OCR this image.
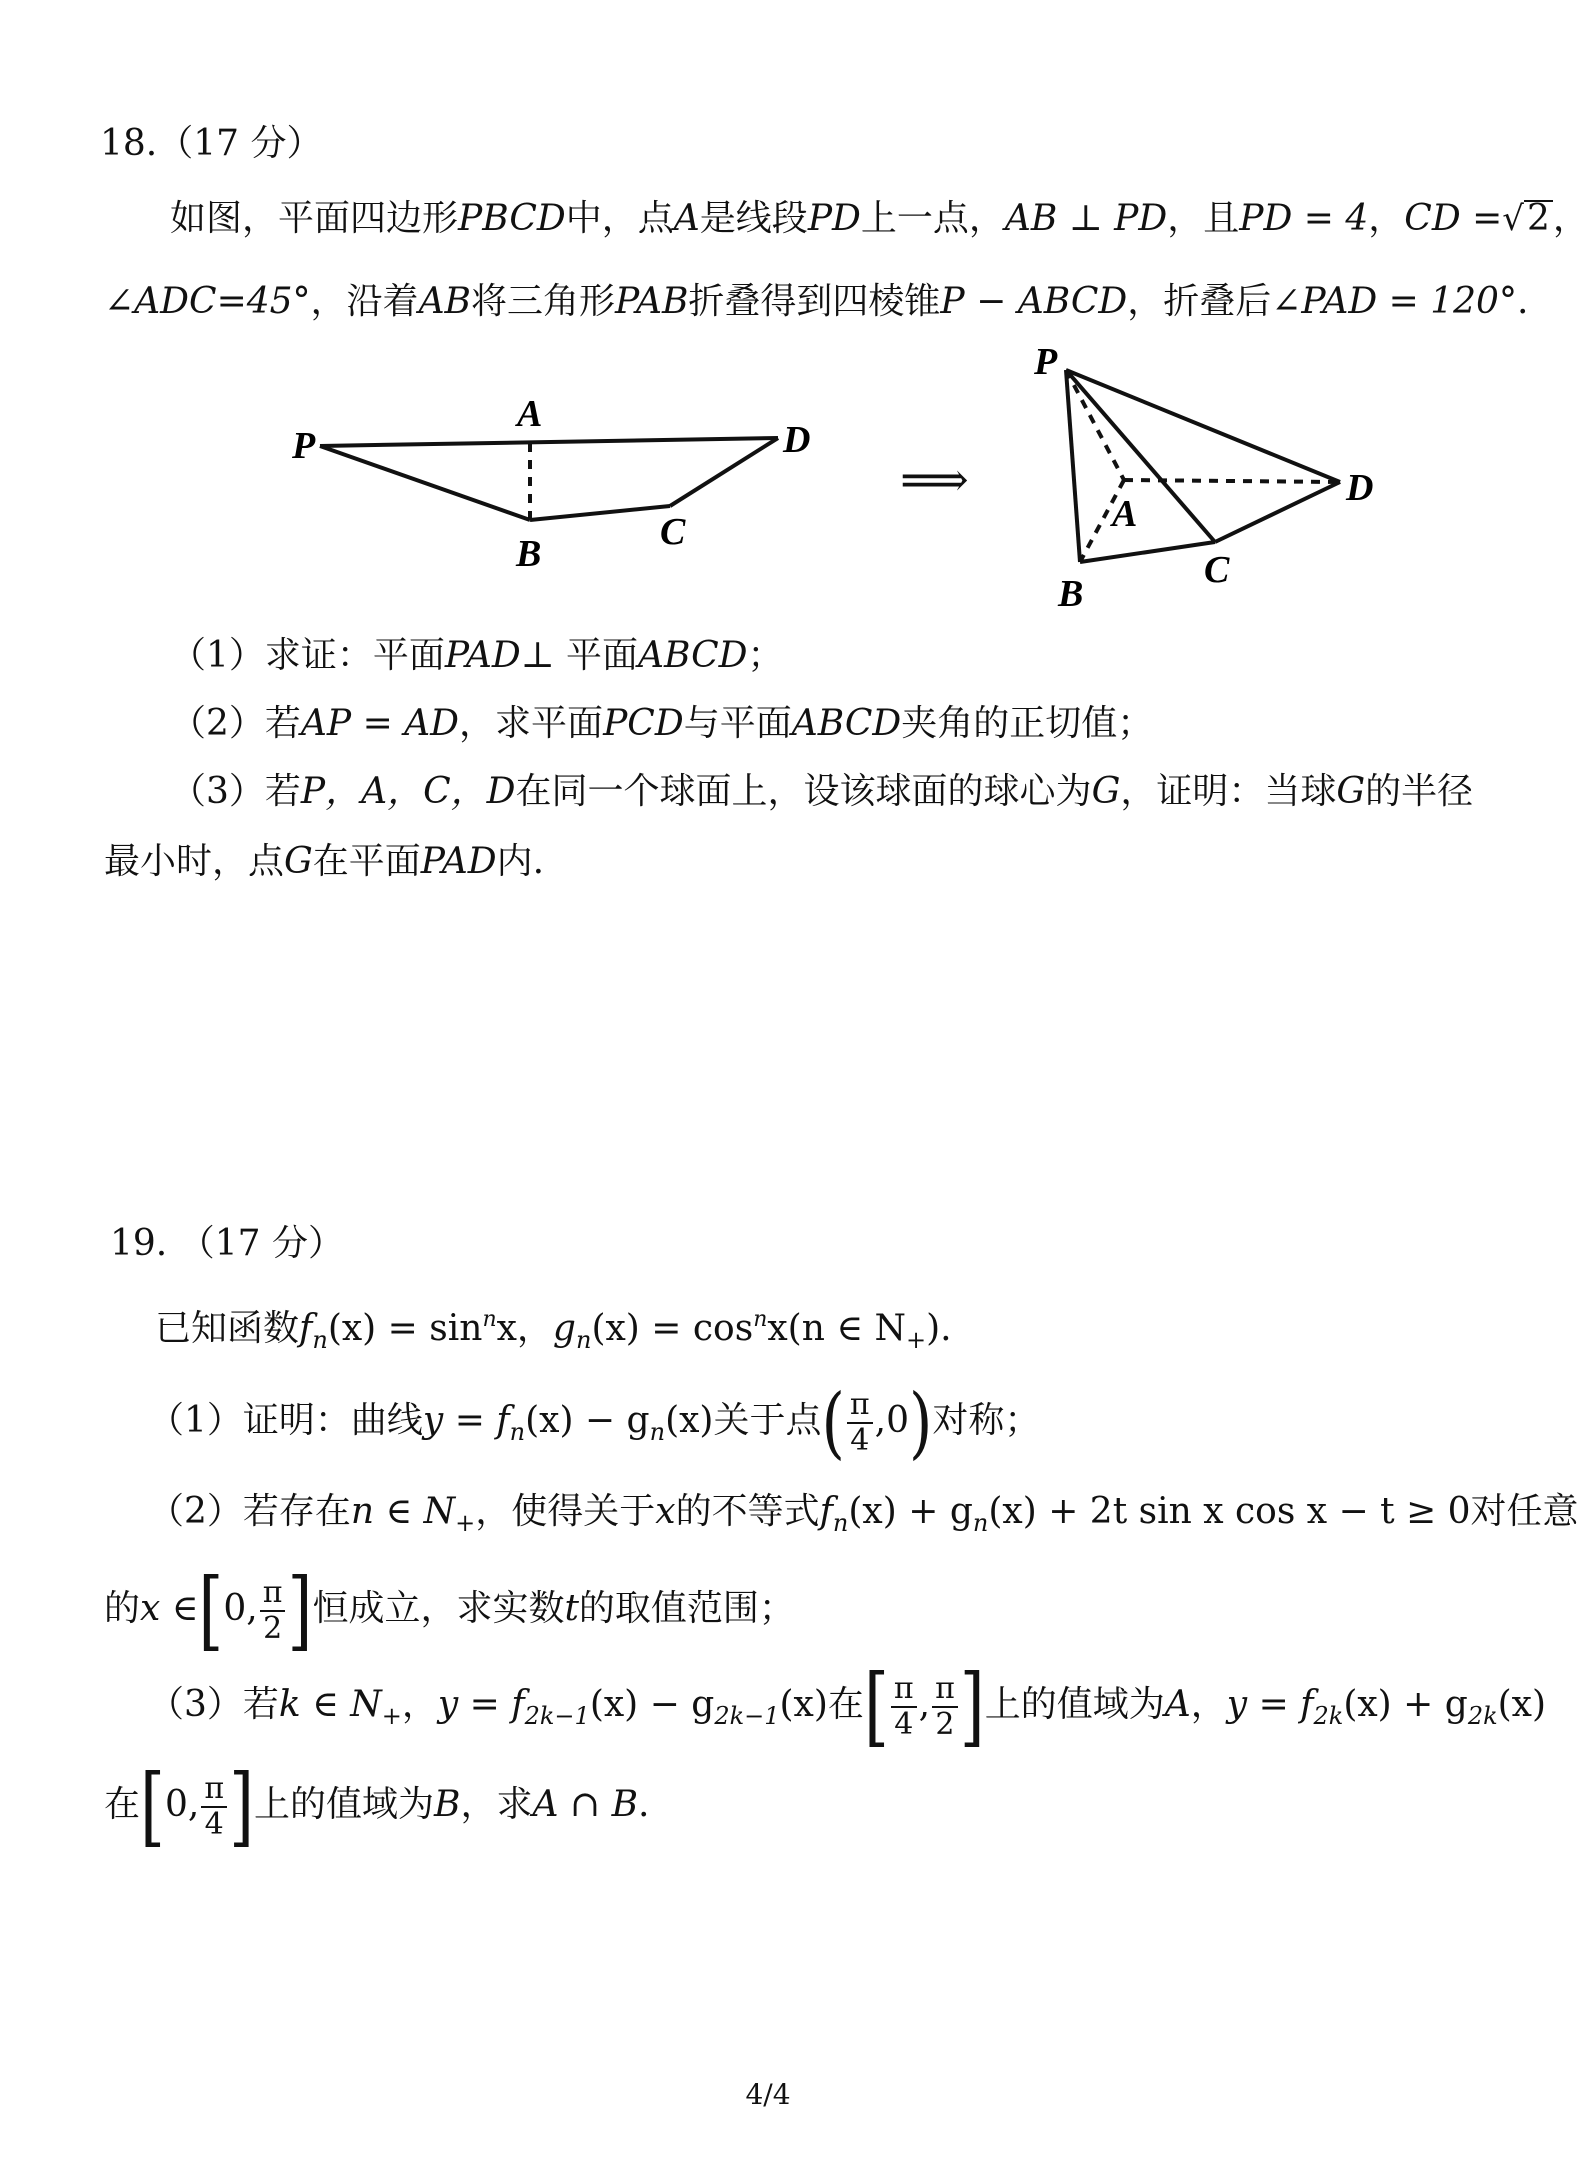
18.（17 分）
如图，平面四边形PBCD中，点A是线段PD上一点，AB ⊥ PD，且PD = 4，CD =√2，
∠ADC=45°，沿着AB将三角形PAB折叠得到四棱锥P − ABCD，折叠后∠PAD = 120°.
P
A
D
B
C
⟹
P
A
D
B
C
（1）求证：平面PAD⊥ 平面ABCD；
（2）若AP = AD，求平面PCD与平面ABCD夹角的正切值；
（3）若P，A，C，D在同一个球面上，设该球面的球心为G，证明：当球G的半径
最小时，点G在平面PAD内.
19. （17 分）
已知函数$f_n(x) = \sin^nx$，$g_n(x) = \cos^nx(n$ ∈ $N_+$).
（1）证明：曲线$y = f_n(x) - g_n(x)$关于点( $\frac{\pi}{4} ,0$)对称；
（2）若存在n ∈ $N_+$，使得关于x的不等式$f_n(x) + g_n(x) + 2t$ sin x cos x − t ≥ 0对任意
的x ∈[0, $\frac{\pi}{2}$ ]恒成立，求实数t的取值范围；
（3）若k ∈ $N_+$，$y = f_{2k-1}(x) - g_{2k-1}(x)$在[ $\frac{\pi}{4}$ , $\frac{\pi}{2}$ ]上的值域为A，$y = f_{2k}(x) + g_{2k}(x)$
在[0, $\frac{\pi}{4}$ ]上的值域为B，求A ∩ B.
4/4
